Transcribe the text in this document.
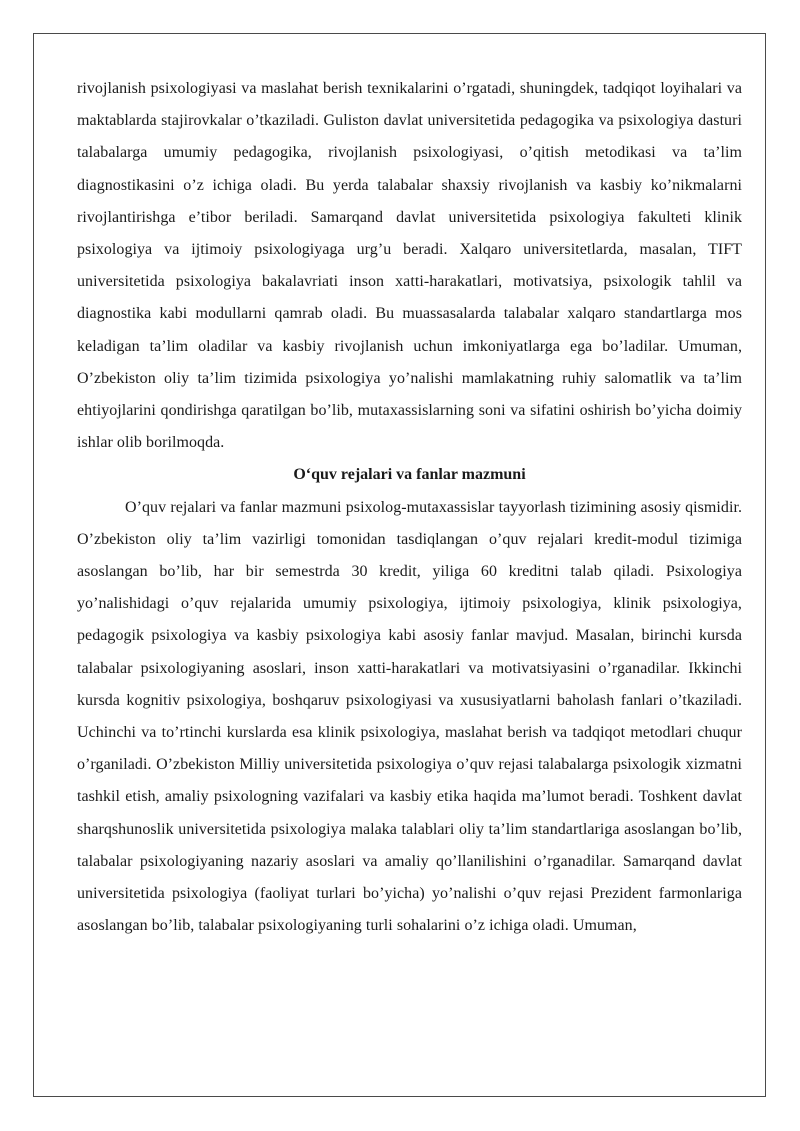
rivojlanish psixologiyasi va maslahat berish texnikalarini o’rgatadi, shuningdek, tadqiqot loyihalari va maktablarda stajirovkalar o’tkaziladi. Guliston davlat universitetida pedagogika va psixologiya dasturi talabalarga umumiy pedagogika, rivojlanish psixologiyasi, o’qitish metodikasi va ta’lim diagnostikasini o’z ichiga oladi. Bu yerda talabalar shaxsiy rivojlanish va kasbiy ko’nikmalarni rivojlantirishga e’tibor beriladi. Samarqand davlat universitetida psixologiya fakulteti klinik psixologiya va ijtimoiy psixologiyaga urg’u beradi. Xalqaro universitetlarda, masalan, TIFT universitetida psixologiya bakalavriati inson xatti-harakatlari, motivatsiya, psixologik tahlil va diagnostika kabi modullarni qamrab oladi. Bu muassasalarda talabalar xalqaro standartlarga mos keladigan ta’lim oladilar va kasbiy rivojlanish uchun imkoniyatlarga ega bo’ladilar. Umuman, O’zbekiston oliy ta’lim tizimida psixologiya yo’nalishi mamlakatning ruhiy salomatlik va ta’lim ehtiyojlarini qondirishga qaratilgan bo’lib, mutaxassislarning soni va sifatini oshirish bo’yicha doimiy ishlar olib borilmoqda.

O‘quv rejalari va fanlar mazmuni

O’quv rejalari va fanlar mazmuni psixolog-mutaxassislar tayyorlash tizimining asosiy qismidir. O’zbekiston oliy ta’lim vazirligi tomonidan tasdiqlangan o’quv rejalari kredit-modul tizimiga asoslangan bo’lib, har bir semestrda 30 kredit, yiliga 60 kreditni talab qiladi. Psixologiya yo’nalishidagi o’quv rejalarida umumiy psixologiya, ijtimoiy psixologiya, klinik psixologiya, pedagogik psixologiya va kasbiy psixologiya kabi asosiy fanlar mavjud. Masalan, birinchi kursda talabalar psixologiyaning asoslari, inson xatti-harakatlari va motivatsiyasini o’rganadilar. Ikkinchi kursda kognitiv psixologiya, boshqaruv psixologiyasi va xususiyatlarni baholash fanlari o’tkaziladi. Uchinchi va to’rtinchi kurslarda esa klinik psixologiya, maslahat berish va tadqiqot metodlari chuqur o’rganiladi. O’zbekiston Milliy universitetida psixologiya o’quv rejasi talabalarga psixologik xizmatni tashkil etish, amaliy psixologning vazifalari va kasbiy etika haqida ma’lumot beradi. Toshkent davlat sharqshunoslik universitetida psixologiya malaka talablari oliy ta’lim standartlariga asoslangan bo’lib, talabalar psixologiyaning nazariy asoslari va amaliy qo’llanilishini o’rganadilar. Samarqand davlat universitetida psixologiya (faoliyat turlari bo’yicha) yo’nalishi o’quv rejasi Prezident farmonlariga asoslangan bo’lib, talabalar psixologiyaning turli sohalarini o’z ichiga oladi. Umuman,
